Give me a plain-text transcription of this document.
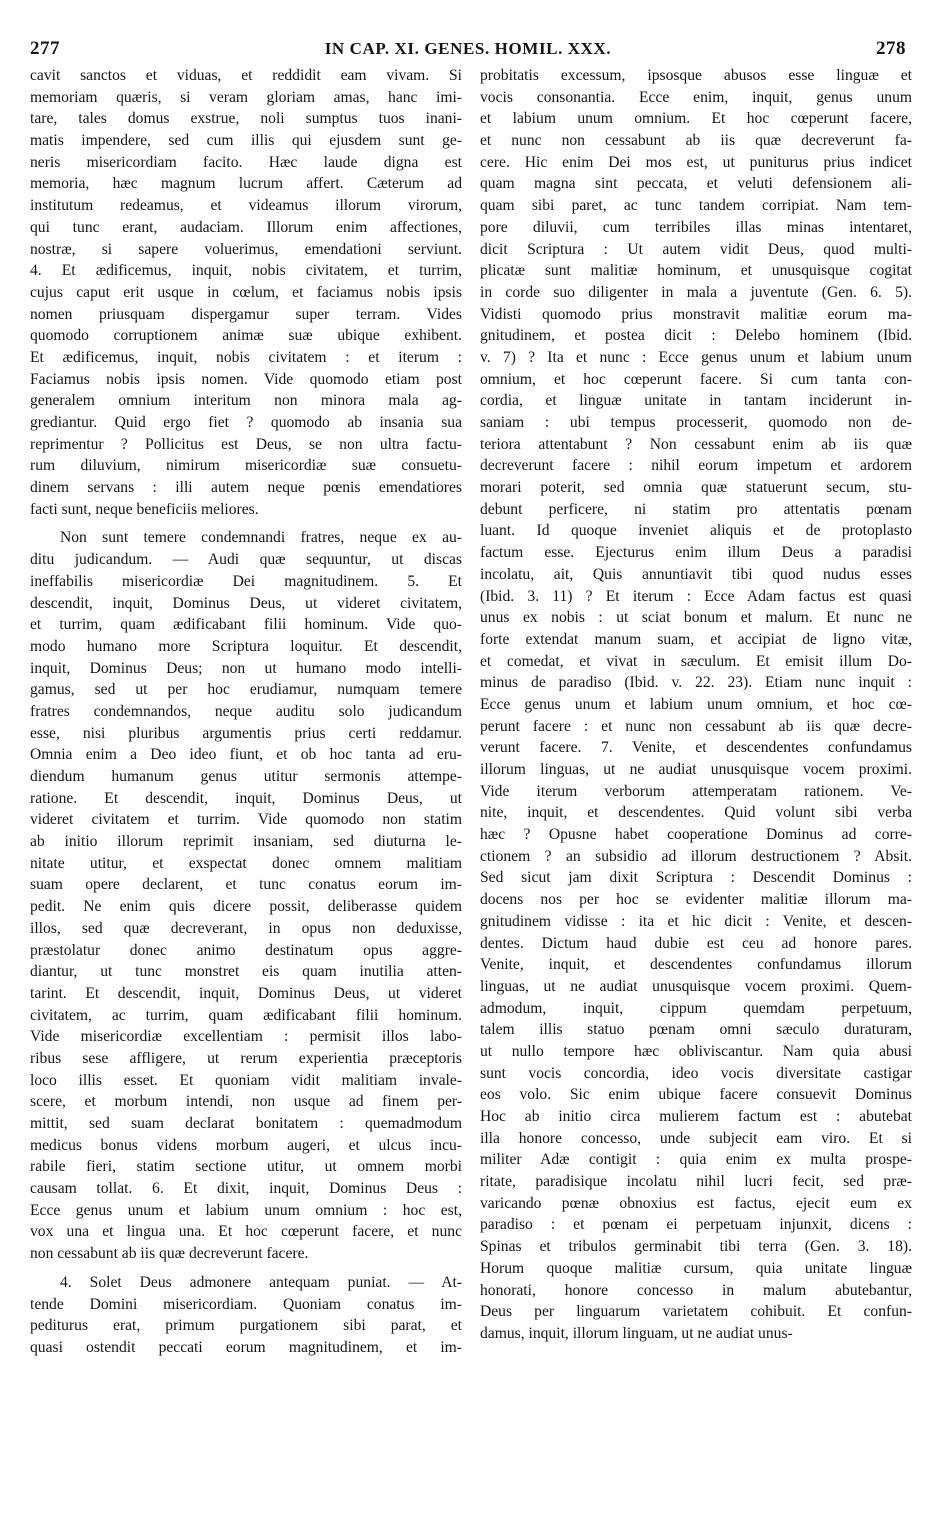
277	IN CAP. XI. GENES. HOMIL. XXX.	278
cavit sanctos et viduas, et reddidit eam vivam. Si
memoriam quæris, si veram gloriam amas, hanc imi-
tare, tales domus exstrue, noli sumptus tuos inani-
matis impendere, sed cum illis qui ejusdem sunt ge-
neris misericordiam facito. Hæc laude digna est
memoria, hæc magnum lucrum affert. Cæterum ad
institutum redeamus, et videamus illorum virorum,
qui tunc erant, audaciam. Illorum enim affectiones,
nostræ, si sapere voluerimus, emendationi serviunt.
4. Et ædificemus, inquit, nobis civitatem, et turrim,
cujus caput erit usque in cœlum, et faciamus nobis ipsis
nomen priusquam dispergamur super terram. Vides
quomodo corruptionem animæ suæ ubique exhibent.
Et ædificemus, inquit, nobis civitatem : et iterum :
Faciamus nobis ipsis nomen. Vide quomodo etiam post
generalem omnium interitum non minora mala ag-
grediantur. Quid ergo fiet ? quomodo ab insania sua
reprimentur ? Pollicitus est Deus, se non ultra factu-
rum diluvium, nimirum misericordiæ suæ consuetu-
dinem servans : illi autem neque pœnis emendatiores
facti sunt, neque beneficiis meliores.
Non sunt temere condemnandi fratres, neque ex au-
ditu judicandum. — Audi quæ sequuntur, ut discas
ineffabilis misericordiæ Dei magnitudinem. 5. Et
descendit, inquit, Dominus Deus, ut videret civitatem,
et turrim, quam ædificabant filii hominum. Vide quo-
modo humano more Scriptura loquitur. Et descendit,
inquit, Dominus Deus; non ut humano modo intelli-
gamus, sed ut per hoc erudiamur, numquam temere
fratres condemnandos, neque auditu solo judicandum
esse, nisi pluribus argumentis prius certi reddamur.
Omnia enim a Deo ideo fiunt, et ob hoc tanta ad eru-
diendum humanum genus utitur sermonis attempe-
ratione. Et descendit, inquit, Dominus Deus, ut
videret civitatem et turrim. Vide quomodo non statim
ab initio illorum reprimit insaniam, sed diuturna le-
nitate utitur, et exspectat donec omnem malitiam
suam opere declarent, et tunc conatus eorum im-
pedit. Ne enim quis dicere possit, deliberasse quidem
illos, sed quæ decreverant, in opus non deduxisse,
præstolatur donec animo destinatum opus aggre-
diantur, ut tunc monstret eis quam inutilia atten-
tarint. Et descendit, inquit, Dominus Deus, ut videret
civitatem, ac turrim, quam ædificabant filii hominum.
Vide misericordiæ excellentiam : permisit illos labo-
ribus sese affligere, ut rerum experientia præceptoris
loco illis esset. Et quoniam vidit malitiam invale-
scere, et morbum intendi, non usque ad finem per-
mittit, sed suam declarat bonitatem : quemadmodum
medicus bonus videns morbum augeri, et ulcus incu-
rabile fieri, statim sectione utitur, ut omnem morbi
causam tollat. 6. Et dixit, inquit, Dominus Deus :
Ecce genus unum et labium unum omnium : hoc est,
vox una et lingua una. Et hoc cœperunt facere, et nunc
non cessabunt ab iis quæ decreverunt facere.
4. Solet Deus admonere antequam puniat. — At-
tende Domini misericordiam. Quoniam conatus im-
pediturus erat, primum purgationem sibi parat, et
quasi ostendit peccati eorum magnitudinem, et im-
probitatis excessum, ipsosque abusos esse linguæ et
vocis consonantia. Ecce enim, inquit, genus unum
et labium unum omnium. Et hoc cœperunt facere,
et nunc non cessabunt ab iis quæ decreverunt fa-
cere. Hic enim Dei mos est, ut puniturus prius indicet
quam magna sint peccata, et veluti defensionem ali-
quam sibi paret, ac tunc tandem corripiat. Nam tem-
pore diluvii, cum terribiles illas minas intentaret,
dicit Scriptura : Ut autem vidit Deus, quod multi-
plicatæ sunt malitiæ hominum, et unusquisque cogitat
in corde suo diligenter in mala a juventute (Gen. 6. 5).
Vidisti quomodo prius monstravit malitiæ eorum ma-
gnitudinem, et postea dicit : Delebo hominem (Ibid.
v. 7) ? Ita et nunc : Ecce genus unum et labium unum
omnium, et hoc cœperunt facere. Si cum tanta con-
cordia, et linguæ unitate in tantam inciderunt in-
saniam : ubi tempus processerit, quomodo non de-
teriora attentabunt ? Non cessabunt enim ab iis quæ
decreverunt facere : nihil eorum impetum et ardorem
morari poterit, sed omnia quæ statuerunt secum, stu-
debunt perficere, ni statim pro attentatis pœnam
luant. Id quoque inveniet aliquis et de protoplasto
factum esse. Ejecturus enim illum Deus a paradisi
incolatu, ait, Quis annuntiavit tibi quod nudus esses
(Ibid. 3. 11) ? Et iterum : Ecce Adam factus est quasi
unus ex nobis : ut sciat bonum et malum. Et nunc ne
forte extendat manum suam, et accipiat de ligno vitæ,
et comedat, et vivat in sæculum. Et emisit illum Do-
minus de paradiso (Ibid. v. 22. 23). Etiam nunc inquit :
Ecce genus unum et labium unum omnium, et hoc cœ-
perunt facere : et nunc non cessabunt ab iis quæ decre-
verunt facere. 7. Venite, et descendentes confundamus
illorum linguas, ut ne audiat unusquisque vocem proximi.
Vide iterum verborum attemperatam rationem. Ve-
nite, inquit, et descendentes. Quid volunt sibi verba
hæc ? Opusne habet cooperatione Dominus ad corre-
ctionem ? an subsidio ad illorum destructionem ? Absit.
Sed sicut jam dixit Scriptura : Descendit Dominus :
docens nos per hoc se evidenter malitiæ illorum ma-
gnitudinem vidisse : ita et hic dicit : Venite, et descen-
dentes. Dictum haud dubie est ceu ad honore pares.
Venite, inquit, et descendentes confundamus illorum
linguas, ut ne audiat unusquisque vocem proximi. Quem-
admodum, inquit, cippum quemdam perpetuum,
talem illis statuo pœnam omni sæculo duraturam,
ut nullo tempore hæc obliviscantur. Nam quia abusi
sunt vocis concordia, ideo vocis diversitate castigar
eos volo. Sic enim ubique facere consuevit Dominus
Hoc ab initio circa mulierem factum est : abutebat
illa honore concesso, unde subjecit eam viro. Et si
militer Adæ contigit : quia enim ex multa prospe-
ritate, paradisique incolatu nihil lucri fecit, sed præ-
varicando pœnæ obnoxius est factus, ejecit eum ex
paradiso : et pœnam ei perpetuam injunxit, dicens :
Spinas et tribulos germinabit tibi terra (Gen. 3. 18).
Horum quoque malitiæ cursum, quia unitate linguæ
honorati, honore concesso in malum abutebantur,
Deus per linguarum varietatem cohibuit. Et confun-
damus, inquit, illorum linguam, ut ne audiat unus-
